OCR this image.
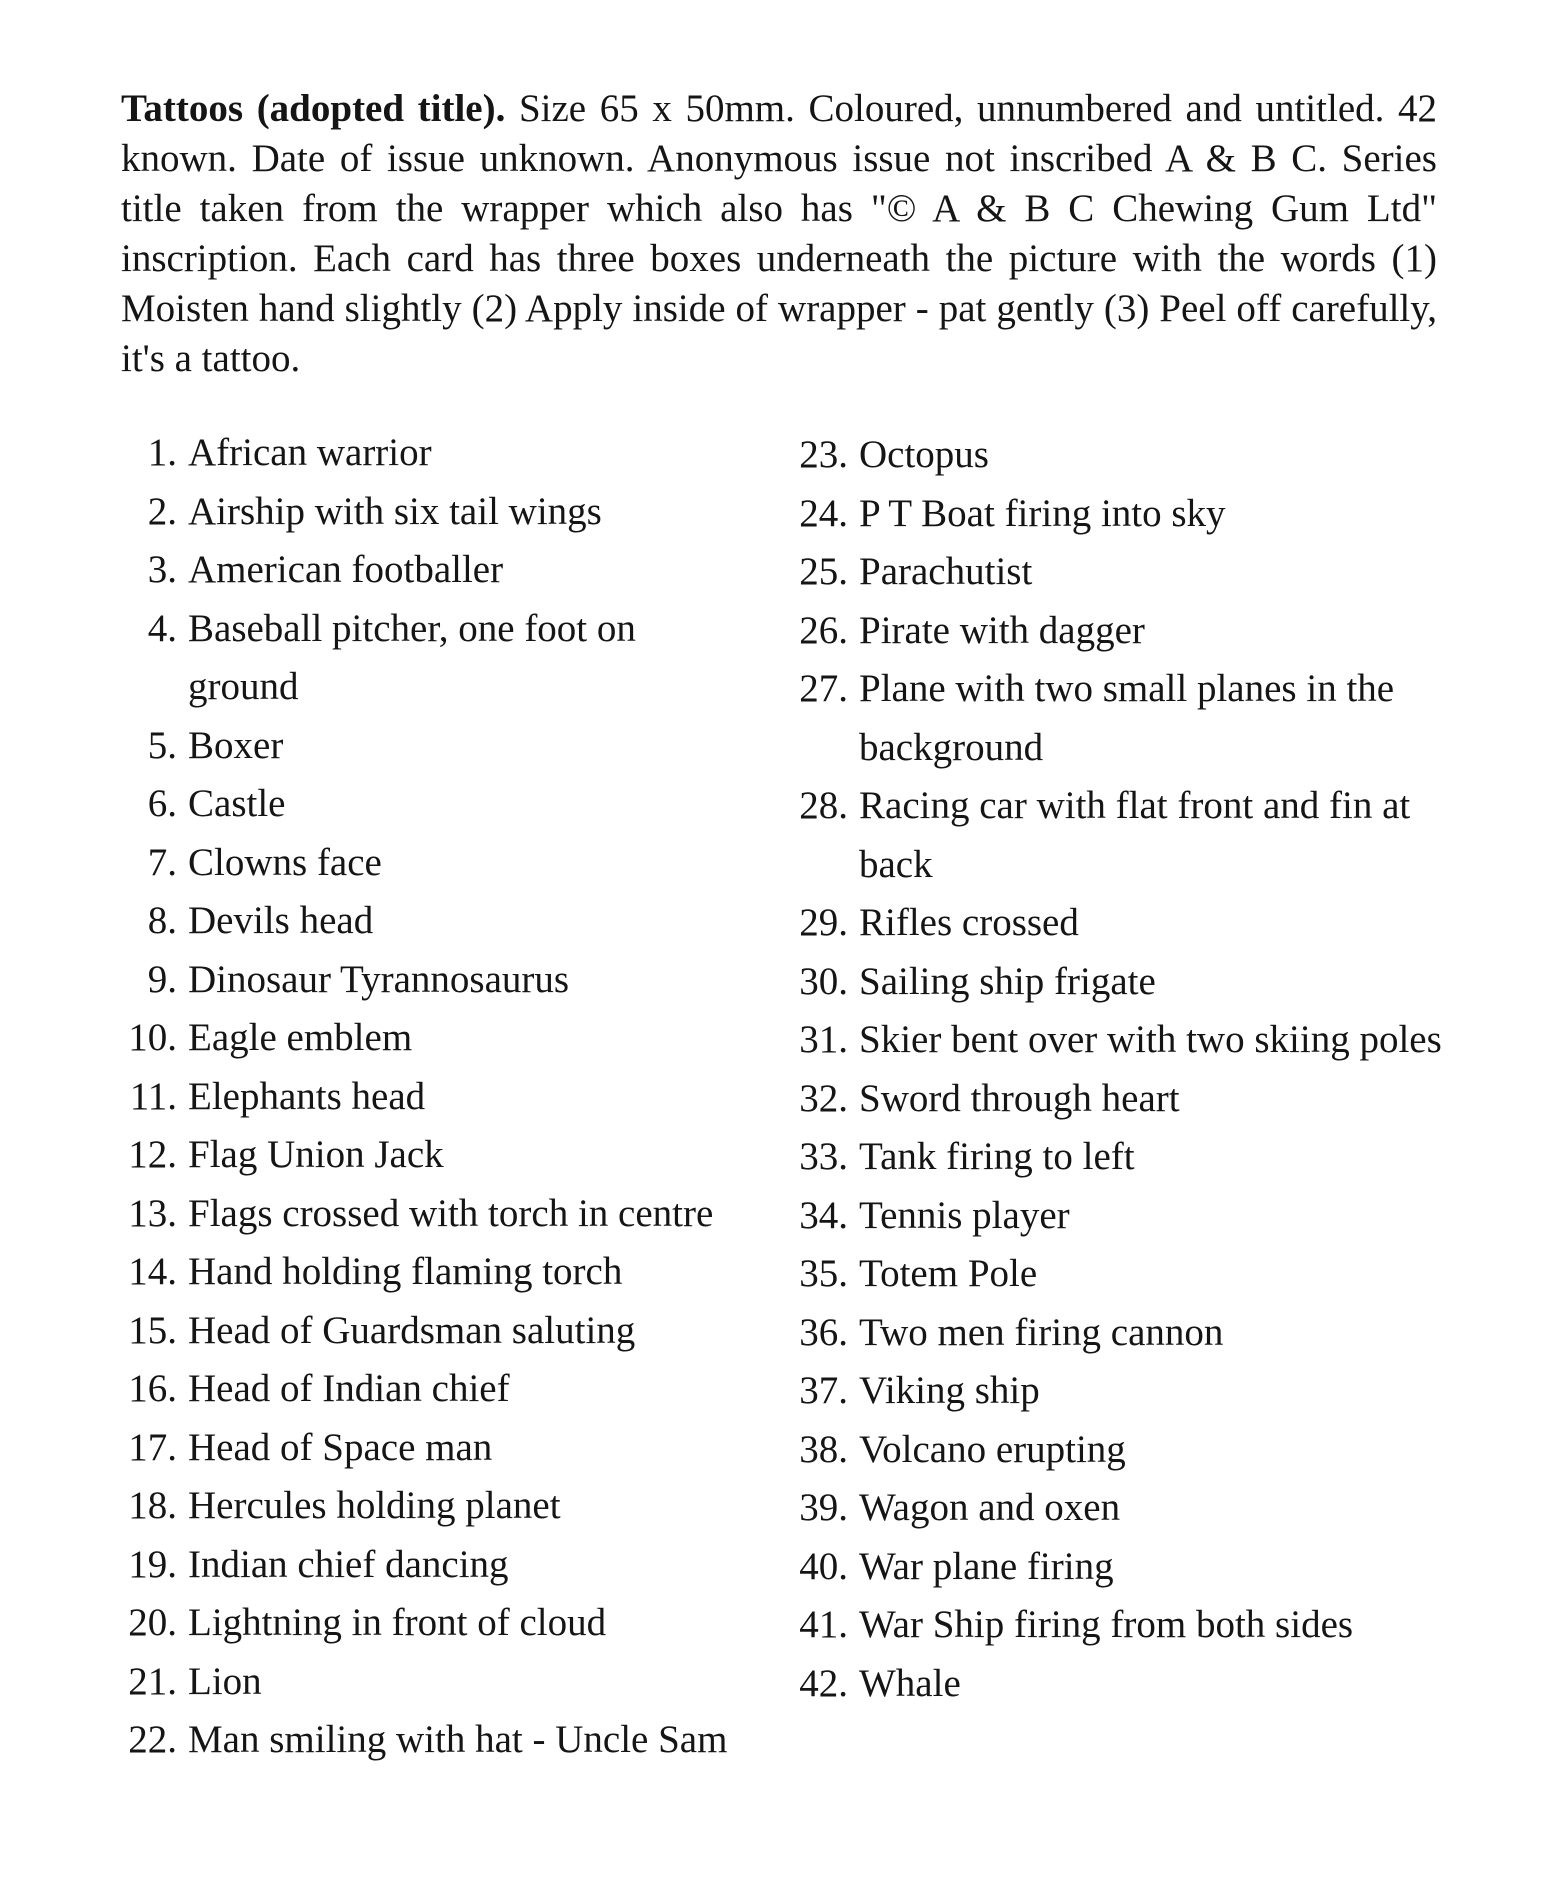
Tattoos (adopted title). Size 65 x 50mm. Coloured, unnumbered and untitled. 42 known. Date of issue unknown. Anonymous issue not inscribed A & B C. Series title taken from the wrapper which also has "© A & B C Chewing Gum Ltd" inscription. Each card has three boxes underneath the picture with the words (1) Moisten hand slightly (2) Apply inside of wrapper - pat gently (3) Peel off carefully, it's a tattoo.

1. African warrior
2. Airship with six tail wings
3. American footballer
4. Baseball pitcher, one foot on ground
5. Boxer
6. Castle
7. Clowns face
8. Devils head
9. Dinosaur Tyrannosaurus
10. Eagle emblem
11. Elephants head
12. Flag Union Jack
13. Flags crossed with torch in centre
14. Hand holding flaming torch
15. Head of Guardsman saluting
16. Head of Indian chief
17. Head of Space man
18. Hercules holding planet
19. Indian chief dancing
20. Lightning in front of cloud
21. Lion
22. Man smiling with hat - Uncle Sam
23. Octopus
24. P T Boat firing into sky
25. Parachutist
26. Pirate with dagger
27. Plane with two small planes in the background
28. Racing car with flat front and fin at back
29. Rifles crossed
30. Sailing ship frigate
31. Skier bent over with two skiing poles
32. Sword through heart
33. Tank firing to left
34. Tennis player
35. Totem Pole
36. Two men firing cannon
37. Viking ship
38. Volcano erupting
39. Wagon and oxen
40. War plane firing
41. War Ship firing from both sides
42. Whale
